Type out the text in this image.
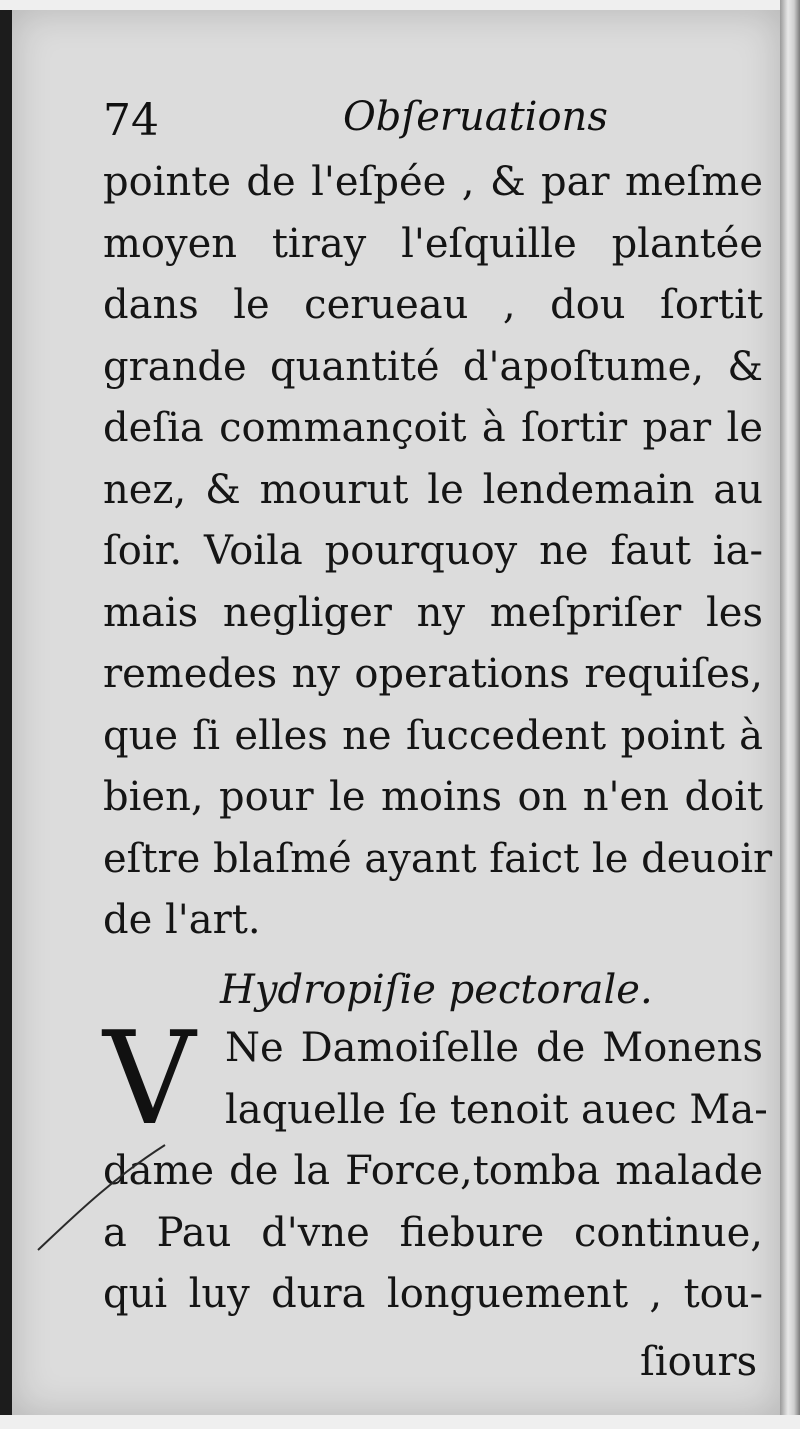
74	Obſeruations
pointe de l'eſpée , & par meſme
moyen tiray l'eſquille plantée
dans le cerueau , dou ſortit
grande quantité d'apoſtume, &
deſia commançoit à ſortir par le
nez, & mourut le lendemain au
ſoir. Voila pourquoy ne faut ia-
mais negliger ny meſpriſer les
remedes ny operations requiſes,
que ſi elles ne ſuccedent point à
bien, pour le moins on n'en doit
eſtre blaſmé ayant faict le deuoir
de l'art.
Hydropiſie pectorale.
V Ne Damoiſelle de Monens
laquelle ſe tenoit auec Ma-
dame de la Force,tomba malade
a Pau d'vne fiebure continue,
qui luy dura longuement , tou-
ſiours
